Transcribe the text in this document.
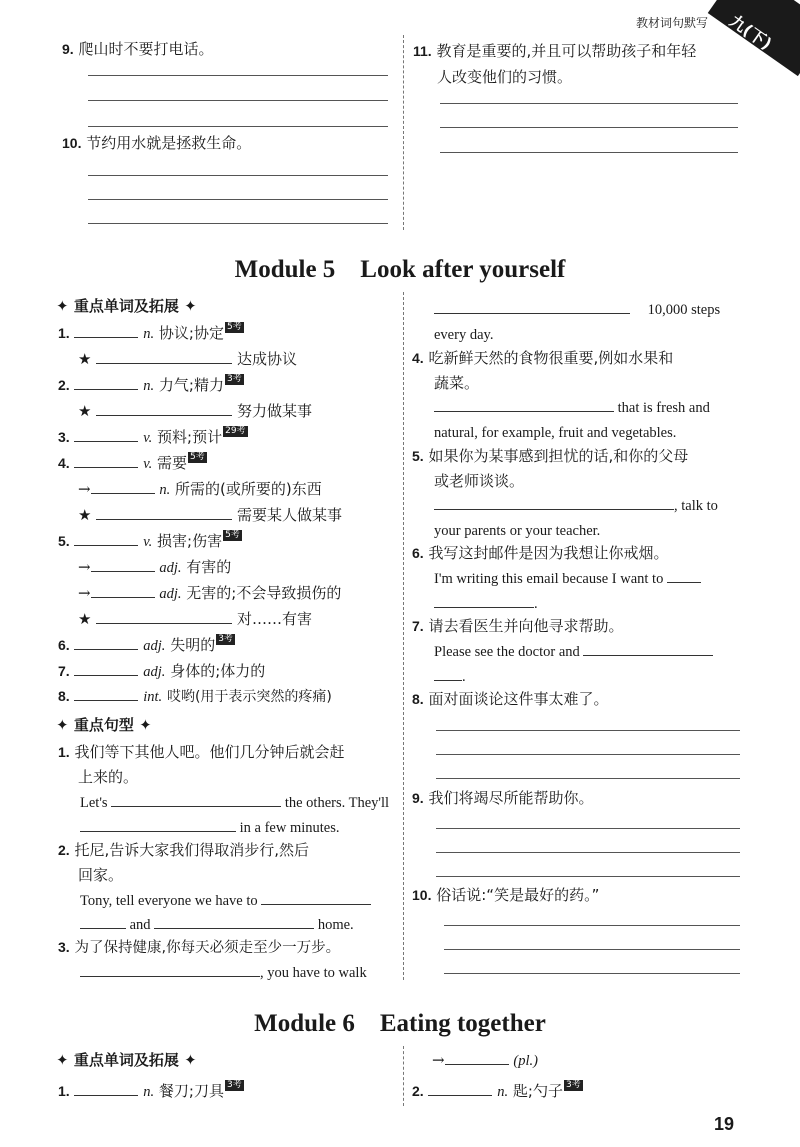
教材词句默写 九(下)
9. 爬山时不要打电话。
10. 节约用水就是拯救生命。
11. 教育是重要的,并且可以帮助孩子和年轻
人改变他们的习惯。
Module 5　Look after yourself
✦ 重点单词及拓展 ✦
1.	n. 协议;协定 5考
★	达成协议
2.	n. 力气;精力 3考
★	努力做某事
3.	v. 预料;预计 29考
4.	v. 需要 5考
→	n. 所需的(或所要的)东西
★	需要某人做某事
5.	v. 损害;伤害 5考
→	adj. 有害的
→	adj. 无害的;不会导致损伤的
★	对……有害
6.	adj. 失明的 3考
7.	adj. 身体的;体力的
8.	int. 哎哟(用于表示突然的疼痛)
✦ 重点句型 ✦
1. 我们等下其他人吧。他们几分钟后就会赶
上来的。
Let's	the others. They'll
in a few minutes.
2. 托尼,告诉大家我们得取消步行,然后
回家。
Tony, tell everyone we have to
and	home.
3. 为了保持健康,你每天必须走至少一万步。
, you have to walk
10,000 steps
every day.
4. 吃新鲜天然的食物很重要,例如水果和
蔬菜。
that is fresh and
natural, for example, fruit and vegetables.
5. 如果你为某事感到担忧的话,和你的父母
或老师谈谈。
, talk to
your parents or your teacher.
6. 我写这封邮件是因为我想让你戒烟。
I'm writing this email because I want to
.
7. 请去看医生并向他寻求帮助。
Please see the doctor and
.
8. 面对面谈论这件事太难了。
9. 我们将竭尽所能帮助你。
10. 俗话说:“笑是最好的药。”
Module 6　Eating together
✦ 重点单词及拓展 ✦
1.	n. 餐刀;刀具 3考
→	(pl.)
2.	n. 匙;勺子 3考
19
